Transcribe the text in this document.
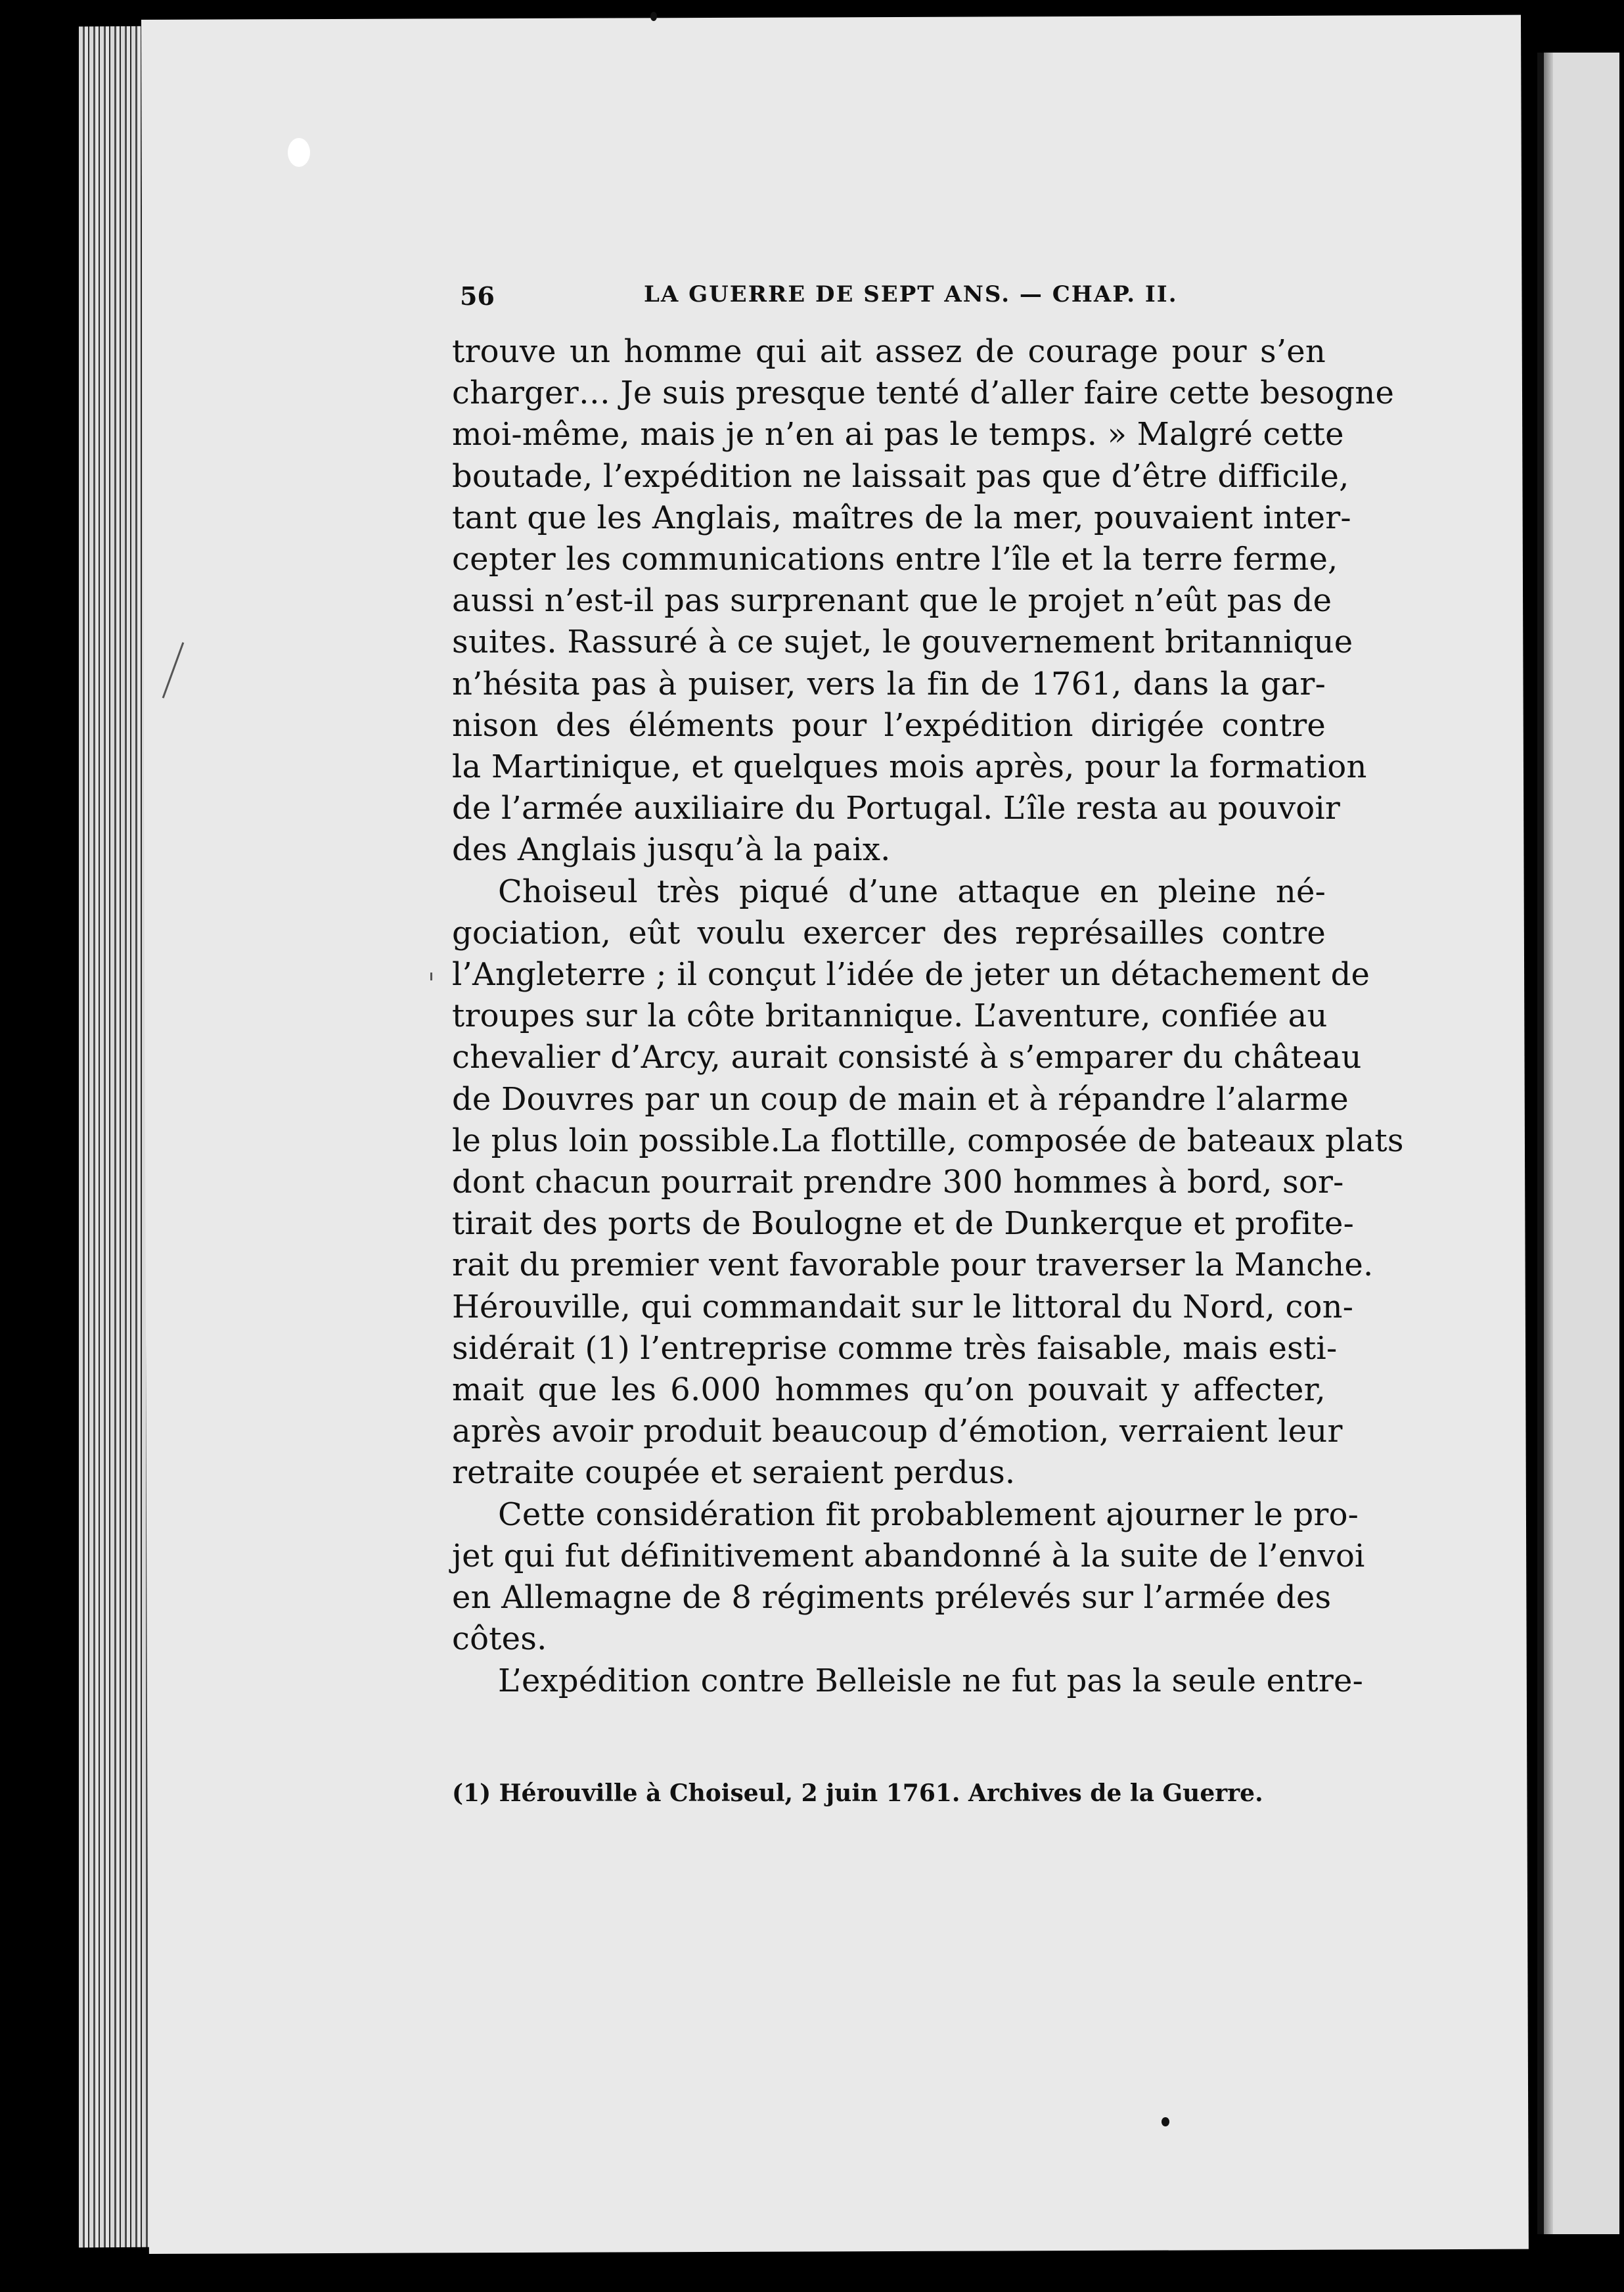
56	LA GUERRE DE SEPT ANS. — CHAP. II.
trouve un homme qui ait assez de courage pour s’en
charger… Je suis presque tenté d’aller faire cette besogne
moi-même, mais je n’en ai pas le temps. » Malgré cette
boutade, l’expédition ne laissait pas que d’être difficile,
tant que les Anglais, maîtres de la mer, pouvaient inter-
cepter les communications entre l’île et la terre ferme,
aussi n’est-il pas surprenant que le projet n’eût pas de
suites. Rassuré à ce sujet, le gouvernement britannique
n’hésita pas à puiser, vers la fin de 1761, dans la gar-
nison des éléments pour l’expédition dirigée contre
la Martinique, et quelques mois après, pour la formation
de l’armée auxiliaire du Portugal. L’île resta au pouvoir
des Anglais jusqu’à la paix.
Choiseul très piqué d’une attaque en pleine né-
gociation, eût voulu exercer des représailles contre
l’Angleterre ; il conçut l’idée de jeter un détachement de
troupes sur la côte britannique. L’aventure, confiée au
chevalier d’Arcy, aurait consisté à s’emparer du château
de Douvres par un coup de main et à répandre l’alarme
le plus loin possible.La flottille, composée de bateaux plats
dont chacun pourrait prendre 300 hommes à bord, sor-
tirait des ports de Boulogne et de Dunkerque et profite-
rait du premier vent favorable pour traverser la Manche.
Hérouville, qui commandait sur le littoral du Nord, con-
sidérait (1) l’entreprise comme très faisable, mais esti-
mait que les 6.000 hommes qu’on pouvait y affecter,
après avoir produit beaucoup d’émotion, verraient leur
retraite coupée et seraient perdus.
Cette considération fit probablement ajourner le pro-
jet qui fut définitivement abandonné à la suite de l’envoi
en Allemagne de 8 régiments prélevés sur l’armée des
côtes.
L’expédition contre Belleisle ne fut pas la seule entre-
(1) Hérouville à Choiseul, 2 juin 1761. Archives de la Guerre.
